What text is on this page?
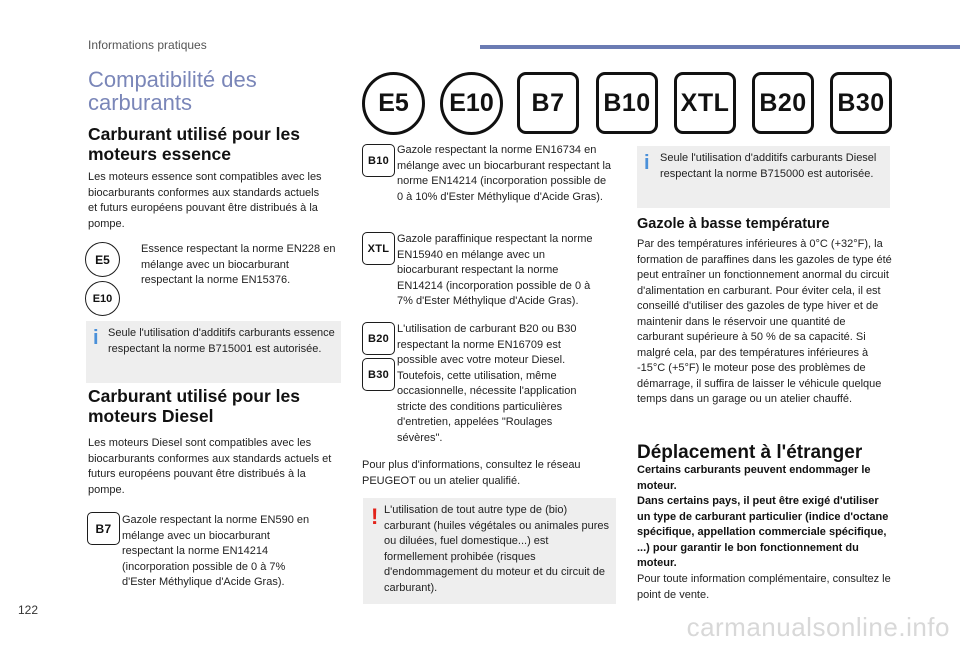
Informations pratiques
Compatibilité des carburants
Carburant utilisé pour les moteurs essence
Les moteurs essence sont compatibles avec les biocarburants conformes aux standards actuels et futurs européens pouvant être distribués à la pompe.
E5
E10
Essence respectant la norme EN228 en mélange avec un biocarburant respectant la norme EN15376.
i Seule l'utilisation d'additifs carburants essence respectant la norme B715001 est autorisée.
Carburant utilisé pour les moteurs Diesel
Les moteurs Diesel sont compatibles avec les biocarburants conformes aux standards actuels et futurs européens pouvant être distribués à la pompe.
B7
Gazole respectant la norme EN590 en mélange avec un biocarburant respectant la norme EN14214 (incorporation possible de 0 à 7% d'Ester Méthylique d'Acide Gras).
E5	E10	B7	B10 XTL B20 B30
B10
Gazole respectant la norme EN16734 en mélange avec un biocarburant respectant la norme EN14214 (incorporation possible de 0 à 10% d'Ester Méthylique d'Acide Gras).
XTL
Gazole paraffinique respectant la norme EN15940 en mélange avec un biocarburant respectant la norme EN14214 (incorporation possible de 0 à 7% d'Ester Méthylique d'Acide Gras).
B20
B30
L'utilisation de carburant B20 ou B30 respectant la norme EN16709 est possible avec votre moteur Diesel. Toutefois, cette utilisation, même occasionnelle, nécessite l'application stricte des conditions particulières d'entretien, appelées "Roulages sévères".
Pour plus d'informations, consultez le réseau PEUGEOT ou un atelier qualifié.
! L'utilisation de tout autre type de (bio) carburant (huiles végétales ou animales pures ou diluées, fuel domestique...) est formellement prohibée (risques d'endommagement du moteur et du circuit de carburant).
i Seule l'utilisation d'additifs carburants Diesel respectant la norme B715000 est autorisée.
Gazole à basse température
Par des températures inférieures à 0°C (+32°F), la formation de paraffines dans les gazoles de type été peut entraîner un fonctionnement anormal du circuit d'alimentation en carburant. Pour éviter cela, il est conseillé d'utiliser des gazoles de type hiver et de maintenir dans le réservoir une quantité de carburant supérieure à 50 % de sa capacité. Si malgré cela, par des températures inférieures à -15°C (+5°F) le moteur pose des problèmes de démarrage, il suffira de laisser le véhicule quelque temps dans un garage ou un atelier chauffé.
Déplacement à l'étranger
Certains carburants peuvent endommager le moteur.
Dans certains pays, il peut être exigé d'utiliser un type de carburant particulier (indice d'octane spécifique, appellation commerciale spécifique, ...) pour garantir le bon fonctionnement du moteur.
Pour toute information complémentaire, consultez le point de vente.
122
carmanualsonline.info
